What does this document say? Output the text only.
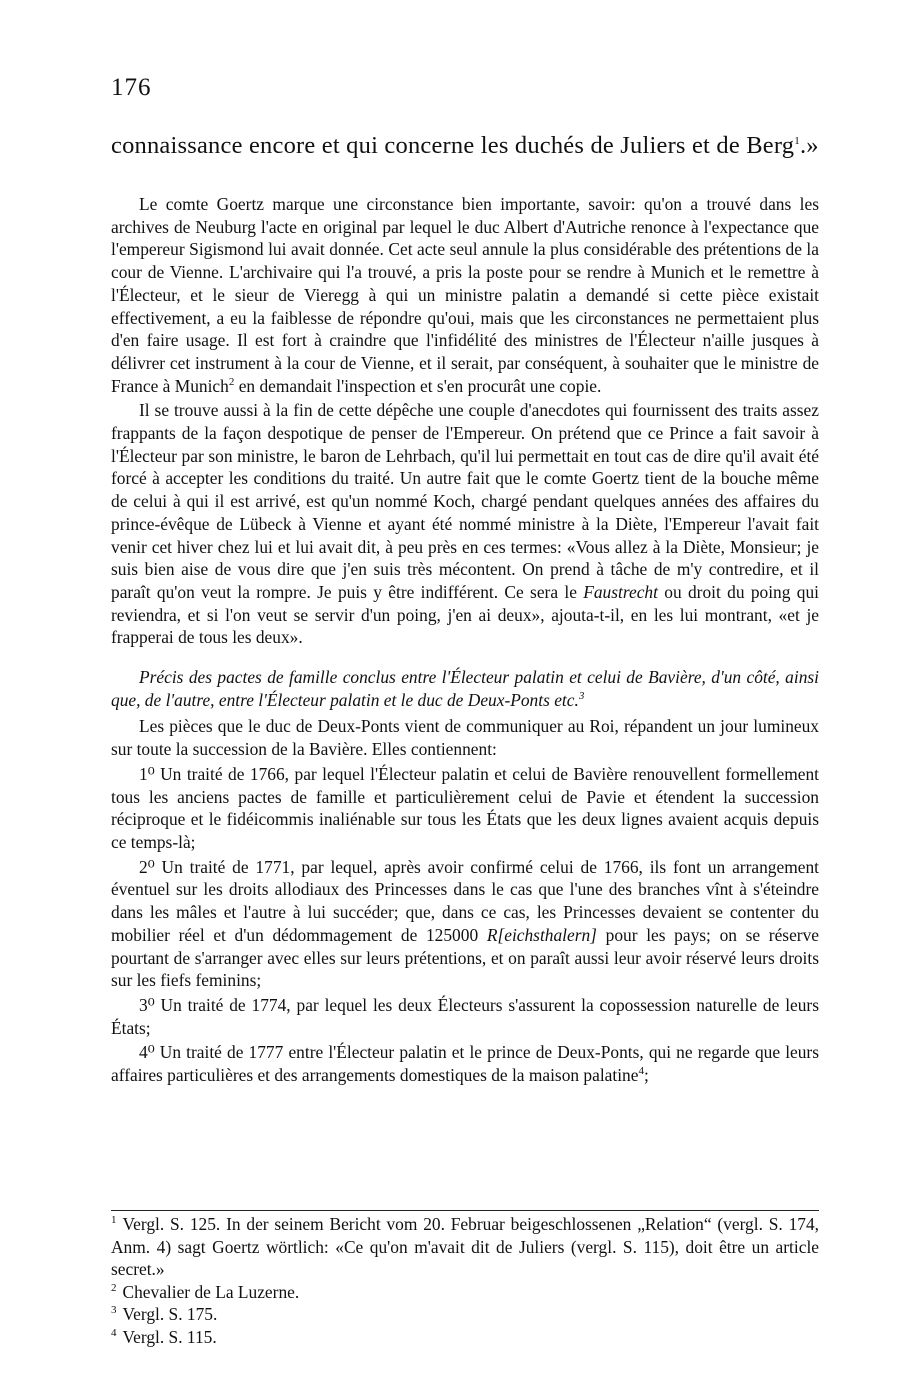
176
connaissance encore et qui concerne les duchés de Juliers et de Berg$^1$.»

Le comte Goertz marque une circonstance bien importante, savoir: qu'on a trouvé dans les archives de Neuburg l'acte en original par lequel le duc Albert d'Autriche renonce à l'expectance que l'empereur Sigismond lui avait donnée. Cet acte seul annule la plus considérable des prétentions de la cour de Vienne. L'archivaire qui l'a trouvé, a pris la poste pour se rendre à Munich et le remettre à l'Électeur, et le sieur de Vieregg à qui un ministre palatin a demandé si cette pièce existait effectivement, a eu la faiblesse de répondre qu'oui, mais que les circonstances ne permettaient plus d'en faire usage. Il est fort à craindre que l'infidélité des ministres de l'Électeur n'aille jusques à délivrer cet instrument à la cour de Vienne, et il serait, par conséquent, à souhaiter que le ministre de France à Munich$^2$ en demandait l'inspection et s'en procurât une copie.

Il se trouve aussi à la fin de cette dépêche une couple d'anecdotes qui fournissent des traits assez frappants de la façon despotique de penser de l'Empereur. On prétend que ce Prince a fait savoir à l'Électeur par son ministre, le baron de Lehrbach, qu'il lui permettait en tout cas de dire qu'il avait été forcé à accepter les conditions du traité. Un autre fait que le comte Goertz tient de la bouche même de celui à qui il est arrivé, est qu'un nommé Koch, chargé pendant quelques années des affaires du prince-évêque de Lübeck à Vienne et ayant été nommé ministre à la Diète, l'Empereur l'avait fait venir cet hiver chez lui et lui avait dit, à peu près en ces termes: «Vous allez à la Diète, Monsieur; je suis bien aise de vous dire que j'en suis très mécontent. On prend à tâche de m'y contredire, et il paraît qu'on veut la rompre. Je puis y être indifférent. Ce sera le Faustrecht ou droit du poing qui reviendra, et si l'on veut se servir d'un poing, j'en ai deux», ajouta-t-il, en les lui montrant, «et je frapperai de tous les deux».

Précis des pactes de famille conclus entre l'Électeur palatin et celui de Bavière, d'un côté, ainsi que, de l'autre, entre l'Électeur palatin et le duc de Deux-Ponts etc.$^3$

Les pièces que le duc de Deux-Ponts vient de communiquer au Roi, répandent un jour lumineux sur toute la succession de la Bavière. Elles contiennent:

1⁰ Un traité de 1766, par lequel l'Électeur palatin et celui de Bavière renouvellent formellement tous les anciens pactes de famille et particulièrement celui de Pavie et étendent la succession réciproque et le fidéicommis inaliénable sur tous les États que les deux lignes avaient acquis depuis ce temps-là;

2⁰ Un traité de 1771, par lequel, après avoir confirmé celui de 1766, ils font un arrangement éventuel sur les droits allodiaux des Princesses dans le cas que l'une des branches vînt à s'éteindre dans les mâles et l'autre à lui succéder; que, dans ce cas, les Princesses devaient se contenter du mobilier réel et d'un dédommagement de 125000 R[eichsthalern] pour les pays; on se réserve pourtant de s'arranger avec elles sur leurs prétentions, et on paraît aussi leur avoir réservé leurs droits sur les fiefs feminins;

3⁰ Un traité de 1774, par lequel les deux Électeurs s'assurent la copossession naturelle de leurs États;

4⁰ Un traité de 1777 entre l'Électeur palatin et le prince de Deux-Ponts, qui ne regarde que leurs affaires particulières et des arrangements domestiques de la maison palatine$^4$;

$^1$ Vergl. S. 125. In der seinem Bericht vom 20. Februar beigeschlossenen „Relation“ (vergl. S. 174, Anm. 4) sagt Goertz wörtlich: «Ce qu'on m'avait dit de Juliers (vergl. S. 115), doit être un article secret.»

$^2$ Chevalier de La Luzerne.

$^3$ Vergl. S. 175.

$^4$ Vergl. S. 115.
